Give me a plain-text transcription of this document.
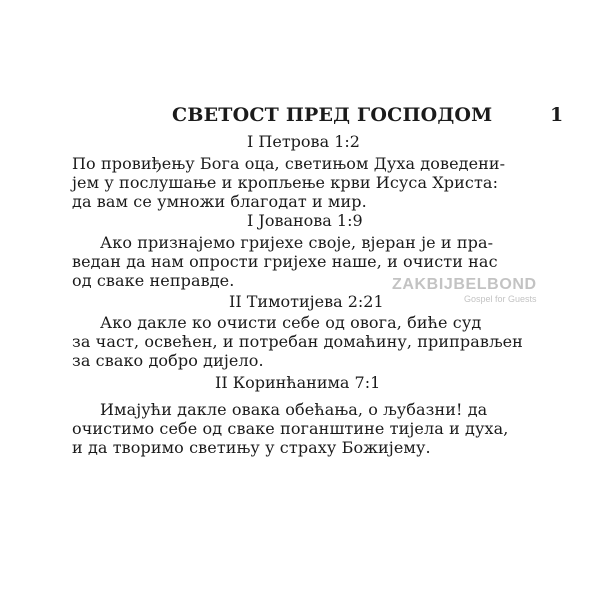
СВЕТОСТ ПРЕД ГОСПОДОМ	1
I Петрова 1:2
По провиђењу Бога оца, светињом Духа доведени-
јем у послушање и кропљење крви Исуса Христа:
да вам се умножи благодат и мир.
I Јованова 1:9
Ако признајемо гријехе своје, вјеран је и пра-
ведан да нам опрости гријехе наше, и очисти нас
од сваке неправде.
II Тимотијева 2:21
Ако дакле ко очисти себе од овога, биће суд
за част, освећен, и потребан домаћину, приправљен
за свако добро дијело.
II Коринћанима 7:1
Имајући дакле овака обећања, о љубазни! да
очистимо себе од сваке поганштине тијела и духа,
и да творимо светињу у страху Божијему.
ZAKBIJBELBOND
Gospel for Guests
